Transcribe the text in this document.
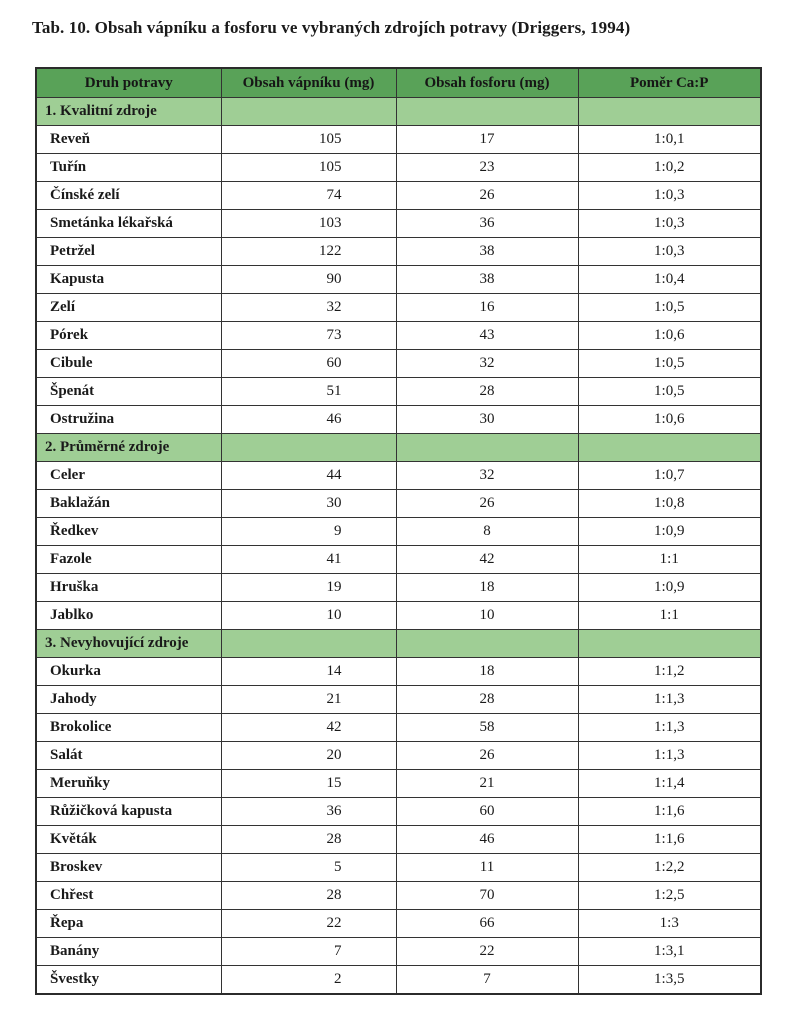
Tab. 10. Obsah vápníku a fosforu ve vybraných zdrojích potravy (Driggers, 1994)
Druh potravy	Obsah vápníku (mg)	Obsah fosforu (mg)	Poměr Ca:P
1. Kvalitní zdroje			
Reveň	105	17	1:0,1
Tuřín	105	23	1:0,2
Čínské zelí	74	26	1:0,3
Smetánka lékařská	103	36	1:0,3
Petržel	122	38	1:0,3
Kapusta	90	38	1:0,4
Zelí	32	16	1:0,5
Pórek	73	43	1:0,6
Cibule	60	32	1:0,5
Špenát	51	28	1:0,5
Ostružina	46	30	1:0,6
2. Průměrné zdroje			
Celer	44	32	1:0,7
Baklažán	30	26	1:0,8
Ředkev	9	8	1:0,9
Fazole	41	42	1:1
Hruška	19	18	1:0,9
Jablko	10	10	1:1
3. Nevyhovující zdroje			
Okurka	14	18	1:1,2
Jahody	21	28	1:1,3
Brokolice	42	58	1:1,3
Salát	20	26	1:1,3
Meruňky	15	21	1:1,4
Růžičková kapusta	36	60	1:1,6
Květák	28	46	1:1,6
Broskev	5	11	1:2,2
Chřest	28	70	1:2,5
Řepa	22	66	1:3
Banány	7	22	1:3,1
Švestky	2	7	1:3,5
